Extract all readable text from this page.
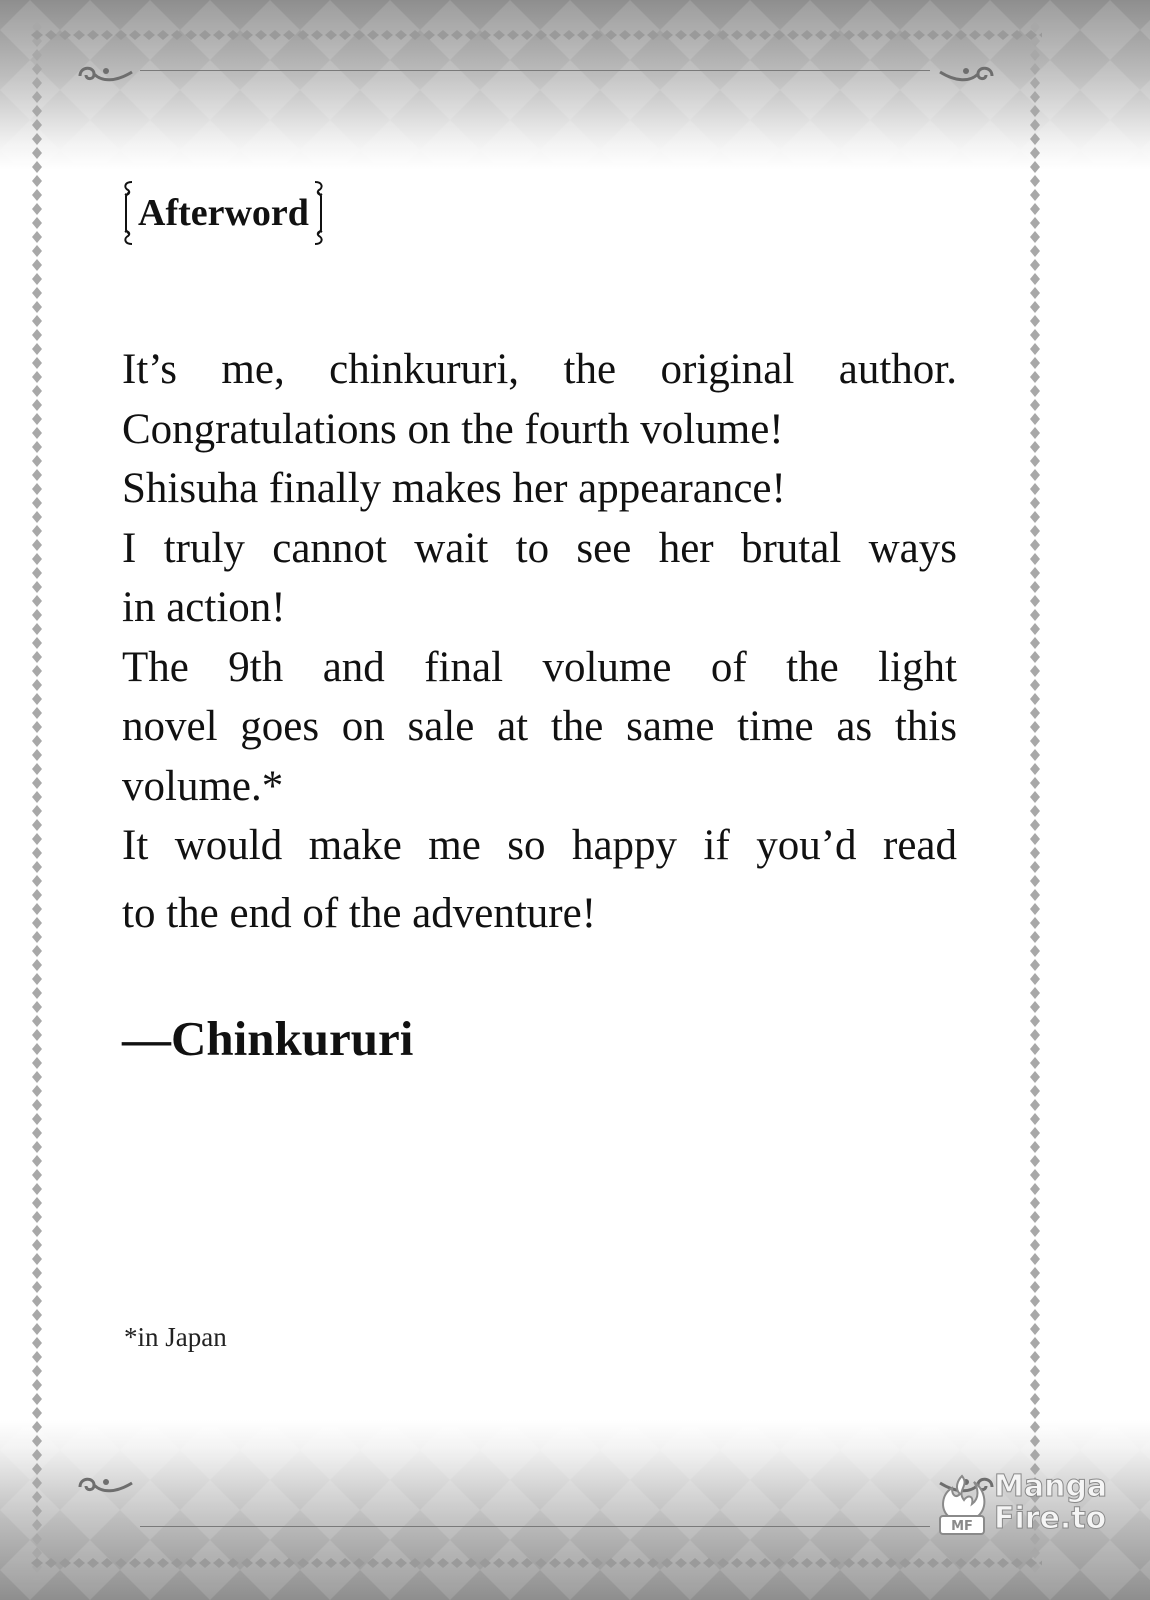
Afterword
It’s me, chinkururi, the original author.
Congratulations on the fourth volume!
Shisuha finally makes her appearance!
I truly cannot wait to see her brutal ways
in action!
The 9th and final volume of the light
novel goes on sale at the same time as this
volume.*
It would make me so happy if you’d read
to the end of the adventure!
—Chinkururi
*in Japan
MF
Manga
Fire.to
